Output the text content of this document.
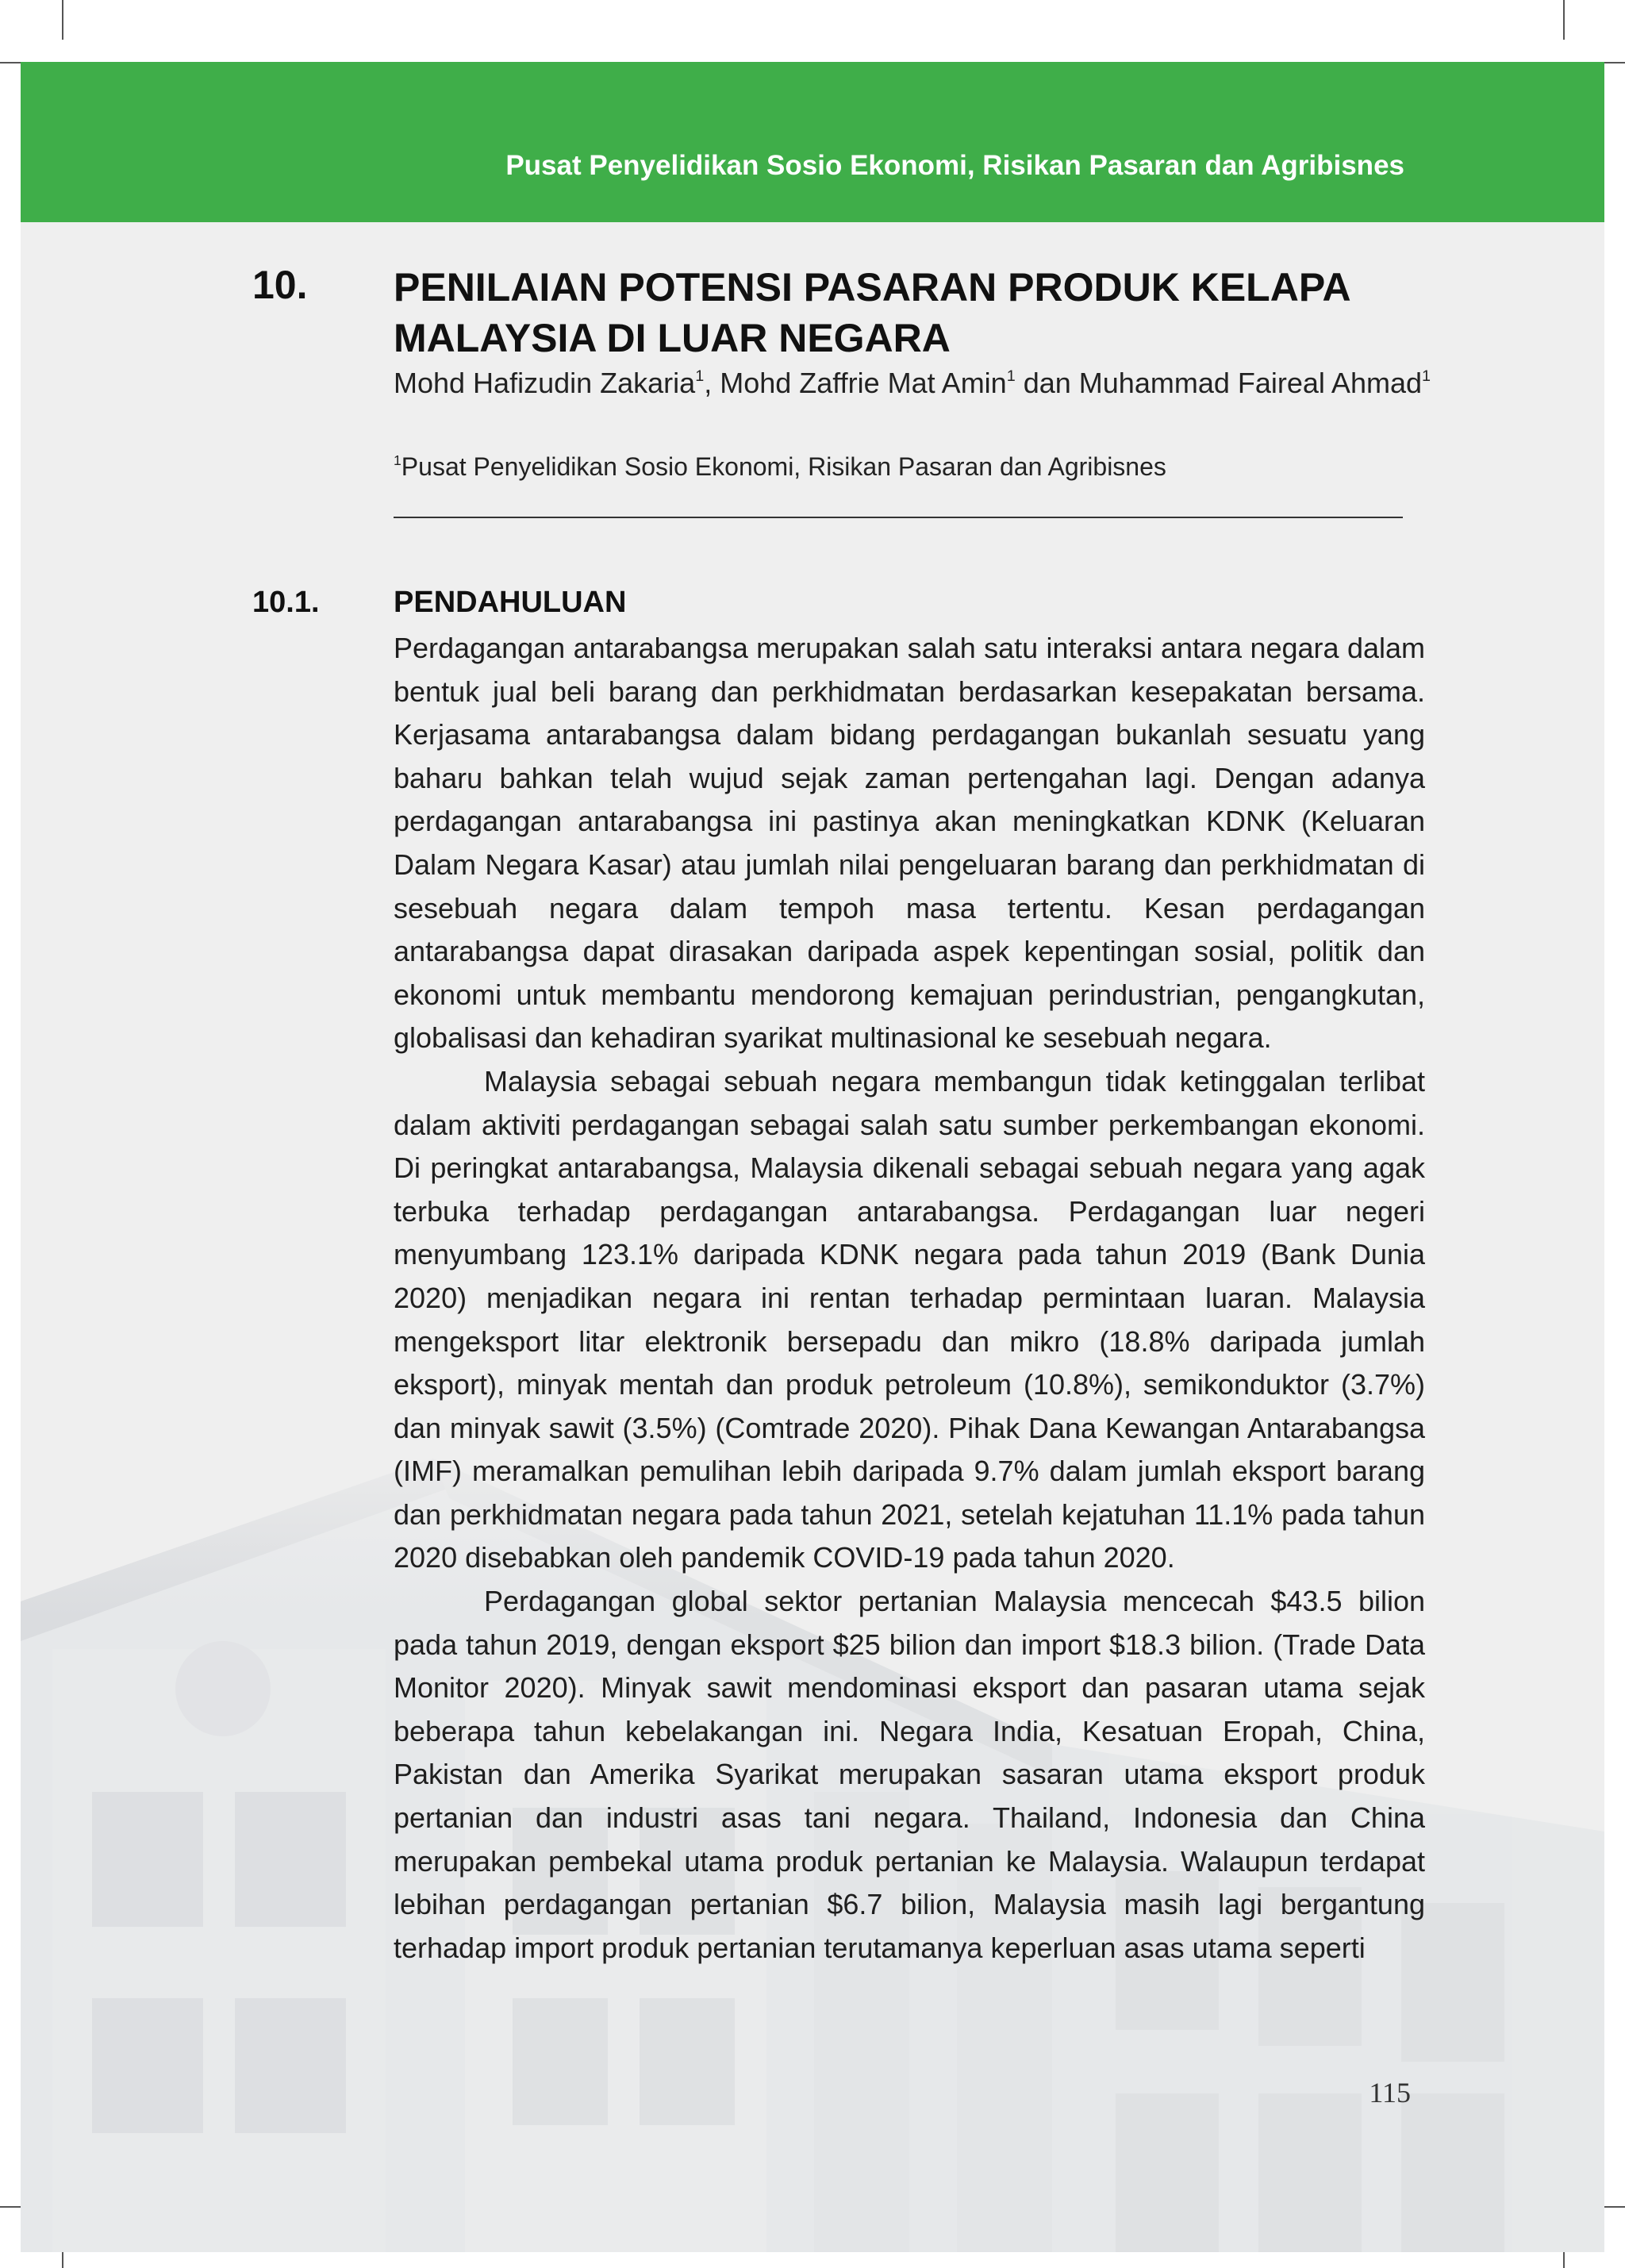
Pusat Penyelidikan Sosio Ekonomi, Risikan Pasaran dan Agribisnes

10. PENILAIAN POTENSI PASARAN PRODUK KELAPA
MALAYSIA DI LUAR NEGARA
Mohd Hafizudin Zakaria$^1$, Mohd Zaffrie Mat Amin$^1$ dan Muhammad Faireal Ahmad$^1$
$^1$Pusat Penyelidikan Sosio Ekonomi, Risikan Pasaran dan Agribisnes
10.1. PENDAHULUAN

Perdagangan antarabangsa merupakan salah satu interaksi antara negara dalam bentuk jual beli barang dan perkhidmatan berdasarkan kesepakatan bersama. Kerjasama antarabangsa dalam bidang perdagangan bukanlah sesuatu yang baharu bahkan telah wujud sejak zaman pertengahan lagi. Dengan adanya perdagangan antarabangsa ini pastinya akan meningkatkan KDNK (Keluaran Dalam Negara Kasar) atau jumlah nilai pengeluaran barang dan perkhidmatan di sesebuah negara dalam tempoh masa tertentu. Kesan perdagangan antarabangsa dapat dirasakan daripada aspek kepentingan sosial, politik dan ekonomi untuk membantu mendorong kemajuan perindustrian, pengangkutan, globalisasi dan kehadiran syarikat multinasional ke sesebuah negara.

Malaysia sebagai sebuah negara membangun tidak ketinggalan terlibat dalam aktiviti perdagangan sebagai salah satu sumber perkembangan ekonomi. Di peringkat antarabangsa, Malaysia dikenali sebagai sebuah negara yang agak terbuka terhadap perdagangan antarabangsa. Perdagangan luar negeri menyumbang 123.1% daripada KDNK negara pada tahun 2019 (Bank Dunia 2020) menjadikan negara ini rentan terhadap permintaan luaran. Malaysia mengeksport litar elektronik bersepadu dan mikro (18.8% daripada jumlah eksport), minyak mentah dan produk petroleum (10.8%), semikonduktor (3.7%) dan minyak sawit (3.5%) (Comtrade 2020). Pihak Dana Kewangan Antarabangsa (IMF) meramalkan pemulihan lebih daripada 9.7% dalam jumlah eksport barang dan perkhidmatan negara pada tahun 2021, setelah kejatuhan 11.1% pada tahun 2020 disebabkan oleh pandemik COVID-19 pada tahun 2020.

Perdagangan global sektor pertanian Malaysia mencecah $43.5 bilion pada tahun 2019, dengan eksport $25 bilion dan import $18.3 bilion. (Trade Data Monitor 2020). Minyak sawit mendominasi eksport dan pasaran utama sejak beberapa tahun kebelakangan ini. Negara India, Kesatuan Eropah, China, Pakistan dan Amerika Syarikat merupakan sasaran utama eksport produk pertanian dan industri asas tani negara. Thailand, Indonesia dan China merupakan pembekal utama produk pertanian ke Malaysia. Walaupun terdapat lebihan perdagangan pertanian $6.7 bilion, Malaysia masih lagi bergantung terhadap import produk pertanian terutamanya keperluan asas utama seperti

115
